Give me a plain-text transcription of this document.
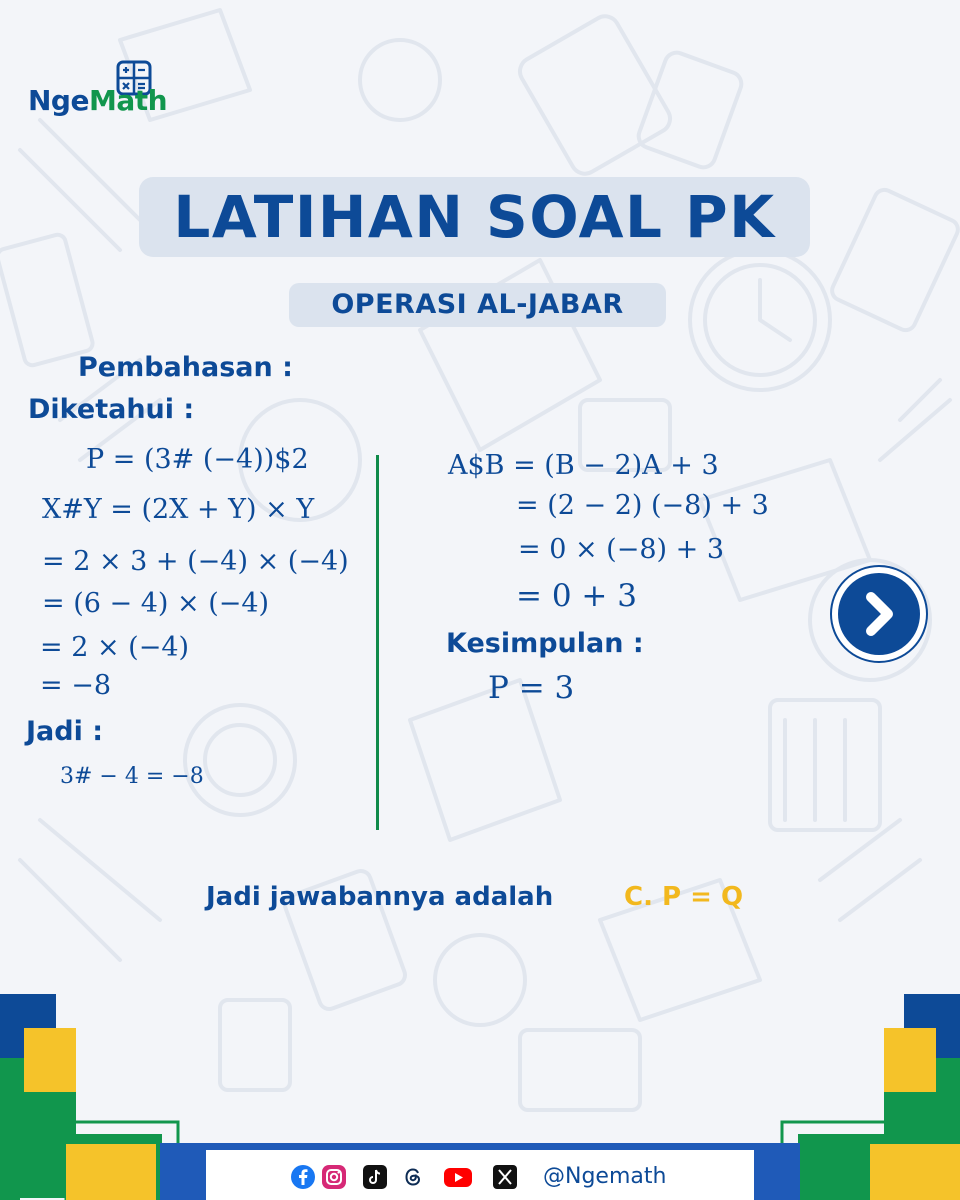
NgeMath
LATIHAN SOAL PK
OPERASI AL-JABAR
Pembahasan :
Diketahui :
P = (3# (−4))$2
X#Y = (2X + Y) × Y
= 2 × 3 + (−4) × (−4)
= (6 − 4) × (−4)
= 2 × (−4)
= −8
Jadi :
3# − 4 = −8
A$B = (B − 2)A + 3
= (2 − 2) (−8) + 3
= 0 × (−8) + 3
= 0 + 3
Kesimpulan :
P = 3
Jadi jawabannya adalah	C. P = Q
@Ngemath
